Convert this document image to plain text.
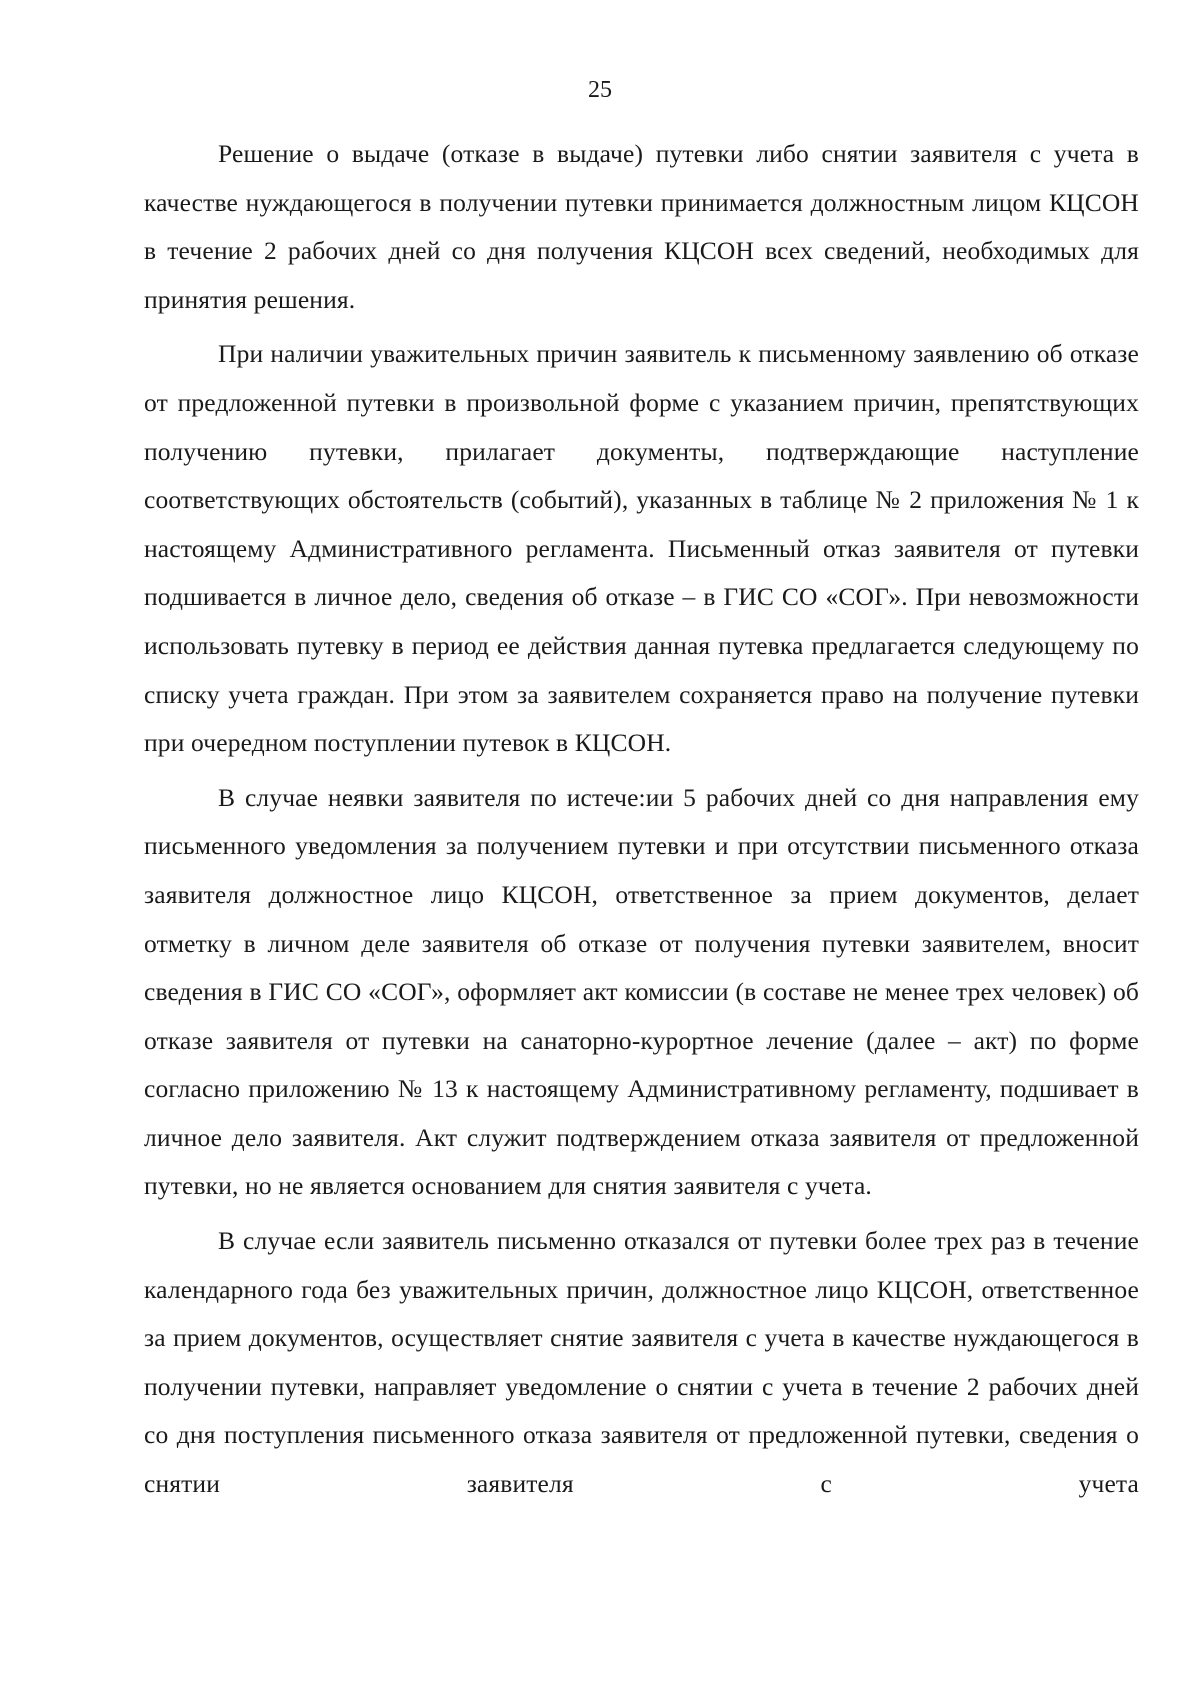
25

Решение о выдаче (отказе в выдаче) путевки либо снятии заявителя с учета в качестве нуждающегося в получении путевки принимается должностным лицом КЦСОН в течение 2 рабочих дней со дня получения КЦСОН всех сведений, необходимых для принятия решения.

При наличии уважительных причин заявитель к письменному заявлению об отказе от предложенной путевки в произвольной форме с указанием причин, препятствующих получению путевки, прилагает документы, подтверждающие наступление соответствующих обстоятельств (событий), указанных в таблице № 2 приложения № 1 к настоящему Административного регламента. Письменный отказ заявителя от путевки подшивается в личное дело, сведения об отказе – в ГИС СО «СОГ». При невозможности использовать путевку в период ее действия данная путевка предлагается следующему по списку учета граждан. При этом за заявителем сохраняется право на получение путевки при очередном поступлении путевок в КЦСОН.

В случае неявки заявителя по истече:ии 5 рабочих дней со дня направления ему письменного уведомления за получением путевки и при отсутствии письменного отказа заявителя должностное лицо КЦСОН, ответственное за прием документов, делает отметку в личном деле заявителя об отказе от получения путевки заявителем, вносит сведения в ГИС СО «СОГ», оформляет акт комиссии (в составе не менее трех человек) об отказе заявителя от путевки на санаторно-курортное лечение (далее – акт) по форме согласно приложению № 13 к настоящему Административному регламенту, подшивает в личное дело заявителя. Акт служит подтверждением отказа заявителя от предложенной путевки, но не является основанием для снятия заявителя с учета.

В случае если заявитель письменно отказался от путевки более трех раз в течение календарного года без уважительных причин, должностное лицо КЦСОН, ответственное за прием документов, осуществляет снятие заявителя с учета в качестве нуждающегося в получении путевки, направляет уведомление о снятии с учета в течение 2 рабочих дней со дня поступления письменного отказа заявителя от предложенной путевки, сведения о снятии заявителя с учета
